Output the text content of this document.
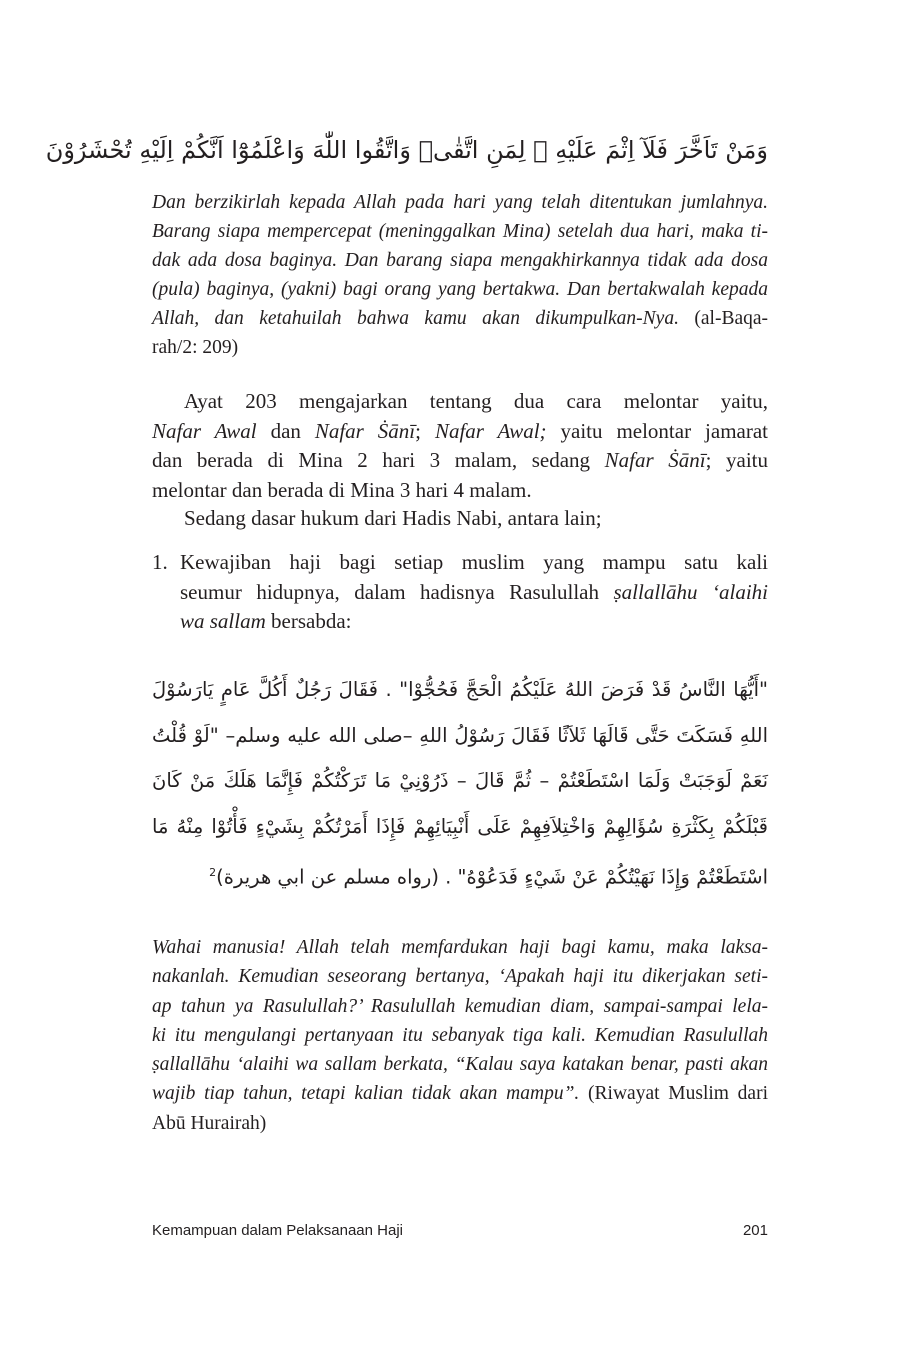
وَمَنْ تَاَخَّرَ فَلَآ اِثْمَ عَلَيْهِ ۙ لِمَنِ اتَّقٰىۗ وَاتَّقُوا اللّٰهَ وَاعْلَمُوْٓا اَنَّكُمْ اِلَيْهِ تُحْشَرُوْنَ
Dan berzikirlah kepada Allah pada hari yang telah ditentukan jumlahnya.
Barang siapa mempercepat (meninggalkan Mina) setelah dua hari, maka ti-
dak ada dosa baginya. Dan barang siapa mengakhirkannya tidak ada dosa
(pula) baginya, (yakni) bagi orang yang bertakwa. Dan bertakwalah kepada
Allah, dan ketahuilah bahwa kamu akan dikumpulkan-Nya. (al-Baqa-
rah/2: 209)
Ayat 203 mengajarkan tentang dua cara melontar yaitu,
Nafar Awal dan Nafar Ṡānī; Nafar Awal; yaitu melontar jamarat
dan berada di Mina 2 hari 3 malam, sedang Nafar Ṡānī; yaitu
melontar dan berada di Mina 3 hari 4 malam.
Sedang dasar hukum dari Hadis Nabi, antara lain;
1. Kewajiban haji bagi setiap muslim yang mampu satu kali
seumur hidupnya, dalam hadisnya Rasulullah ṣallallāhu ‘alaihi
wa sallam bersabda:
"أَيُّهَا النَّاسُ قَدْ فَرَضَ اللهُ عَلَيْكُمُ الْحَجَّ فَحُجُّوْا" . فَقَالَ رَجُلٌ أَكُلَّ عَامٍ يَارَسُوْلَ
اللهِ فَسَكَتَ حَتَّى قَالَهَا ثَلاَثًا فَقَالَ رَسُوْلُ اللهِ –صلى الله عليه وسلم– "لَوْ قُلْتُ
نَعَمْ لَوَجَبَتْ وَلَمَا اسْتَطَعْتُمْ – ثُمَّ قَالَ – ذَرُوْنِيْ مَا تَرَكْتُكُمْ فَإِنَّمَا هَلَكَ مَنْ كَانَ
قَبْلَكُمْ بِكَثْرَةِ سُؤَالِهِمْ وَاخْتِلاَفِهِمْ عَلَى أَنْبِيَائِهِمْ فَإِذَا أَمَرْتُكُمْ بِشَيْءٍ فَأْتُوْا مِنْهُ مَا
اسْتَطَعْتُمْ وَإِذَا نَهَيْتُكُمْ عَنْ شَيْءٍ فَدَعُوْهُ" . (رواه مسلم عن ابي هريرة)$^2$
Wahai manusia! Allah telah memfardukan haji bagi kamu, maka laksa-
nakanlah. Kemudian seseorang bertanya, ‘Apakah haji itu dikerjakan seti-
ap tahun ya Rasulullah?’ Rasulullah kemudian diam, sampai-sampai lela-
ki itu mengulangi pertanyaan itu sebanyak tiga kali. Kemudian Rasulullah
ṣallallāhu ‘alaihi wa sallam berkata, “Kalau saya katakan benar, pasti akan
wajib tiap tahun, tetapi kalian tidak akan mampu”. (Riwayat Muslim dari
Abū Hurairah)
Kemampuan dalam Pelaksanaan Haji	201
